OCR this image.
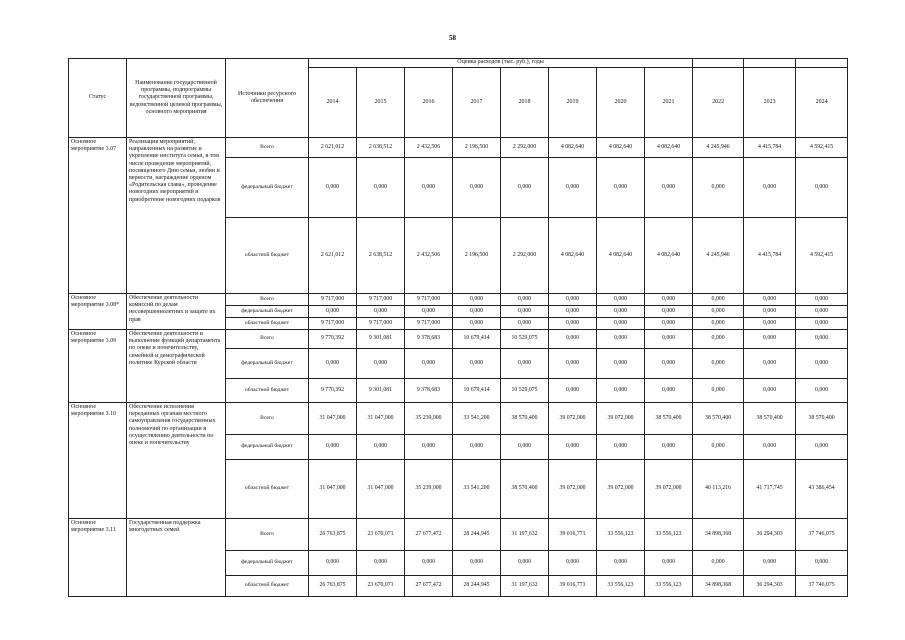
58
Статус	Наименование государственной программы, подпрограммы государственной программы, ведомственной целевой программы, основного мероприятия	Источники ресурсного обеспечения	Оценка расходов (тыс. руб.), годы										
			2014	2015	2016	2017	2018	2019	2020	2021	2022	2023	2024
Основное мероприятие 3.07	Реализация мероприятий, направленных на развитие и укрепление института семьи, в том числе проведение мероприятий, посвященного Дню семьи, любви и верности, награждение орденом «Родительская слава», проведение новогодних мероприятий и приобретение новогодних подарков	Всего	2 621,012	2 638,512	2 432,506	2 196,500	2 292,000	4 082,640	4 082,640	4 082,640	4 245,946	4 415,784	4 592,415
		федеральный бюджет	0,000	0,000	0,000	0,000	0,000	0,000	0,000	0,000	0,000	0,000	0,000
		областной бюджет	2 621,012	2 638,512	2 432,506	2 196,500	2 292,000	4 082,640	4 082,640	4 082,640	4 245,946	4 415,784	4 592,415
Основное мероприятие 3.08*	Обеспечение деятельности комиссий по делам несовершеннолетних и защите их прав	Всего	9 717,000	9 717,000	9 717,000	0,000	0,000	0,000	0,000	0,000	0,000	0,000	0,000
		федеральный бюджет	0,000	0,000	0,000	0,000	0,000	0,000	0,000	0,000	0,000	0,000	0,000
		областной бюджет	9 717,000	9 717,000	9 717,000	0,000	0,000	0,000	0,000	0,000	0,000	0,000	0,000
Основное мероприятие 3.09	Обеспечение деятельности и выполнение функций департамента по опеке и попечительству, семейной и демографической политике Курской области	Всего	9 770,392	9 301,081	9 378,683	10 679,414	10 529,075	0,000	0,000	0,000	0,000	0,000	0,000
		федеральный бюджет	0,000	0,000	0,000	0,000	0,000	0,000	0,000	0,000	0,000	0,000	0,000
		областной бюджет	9 770,392	9 301,081	9 378,683	10 679,414	10 529,075	0,000	0,000	0,000	0,000	0,000	0,000
Основное мероприятие 3.10	Обеспечение исполнения переданных органам местного самоуправления государственных полномочий по организации и осуществлению деятельности по опеке и попечительству	Всего	31 047,000	31 047,000	35 239,000	33 541,200	38 570,400	39 072,000	39 072,000	38 570,400	38 570,400	38 570,400	38 570,400
		федеральный бюджет	0,000	0,000	0,000	0,000	0,000	0,000	0,000	0,000	0,000	0,000	0,000
		областной бюджет	31 047,000	31 047,000	35 239,000	33 541,200	38 570,400	39 072,000	39 072,000	39 072,000	40 113,216	41 717,745	43 386,454
Основное мероприятие 3.11	Государственная поддержка многодетных семей	Всего	26 763,875	23 670,071	27 677,472	28 244,945	31 197,632	39 016,771	33 556,123	33 556,123	34 898,368	36 294,303	37 746,075
		федеральный бюджет	0,000	0,000	0,000	0,000	0,000	0,000	0,000	0,000	0,000	0,000	0,000
		областной бюджет	26 763,875	23 670,071	27 677,472	28 244,945	31 197,632	39 016,771	33 556,123	33 556,123	34 898,368	36 294,303	37 746,075
